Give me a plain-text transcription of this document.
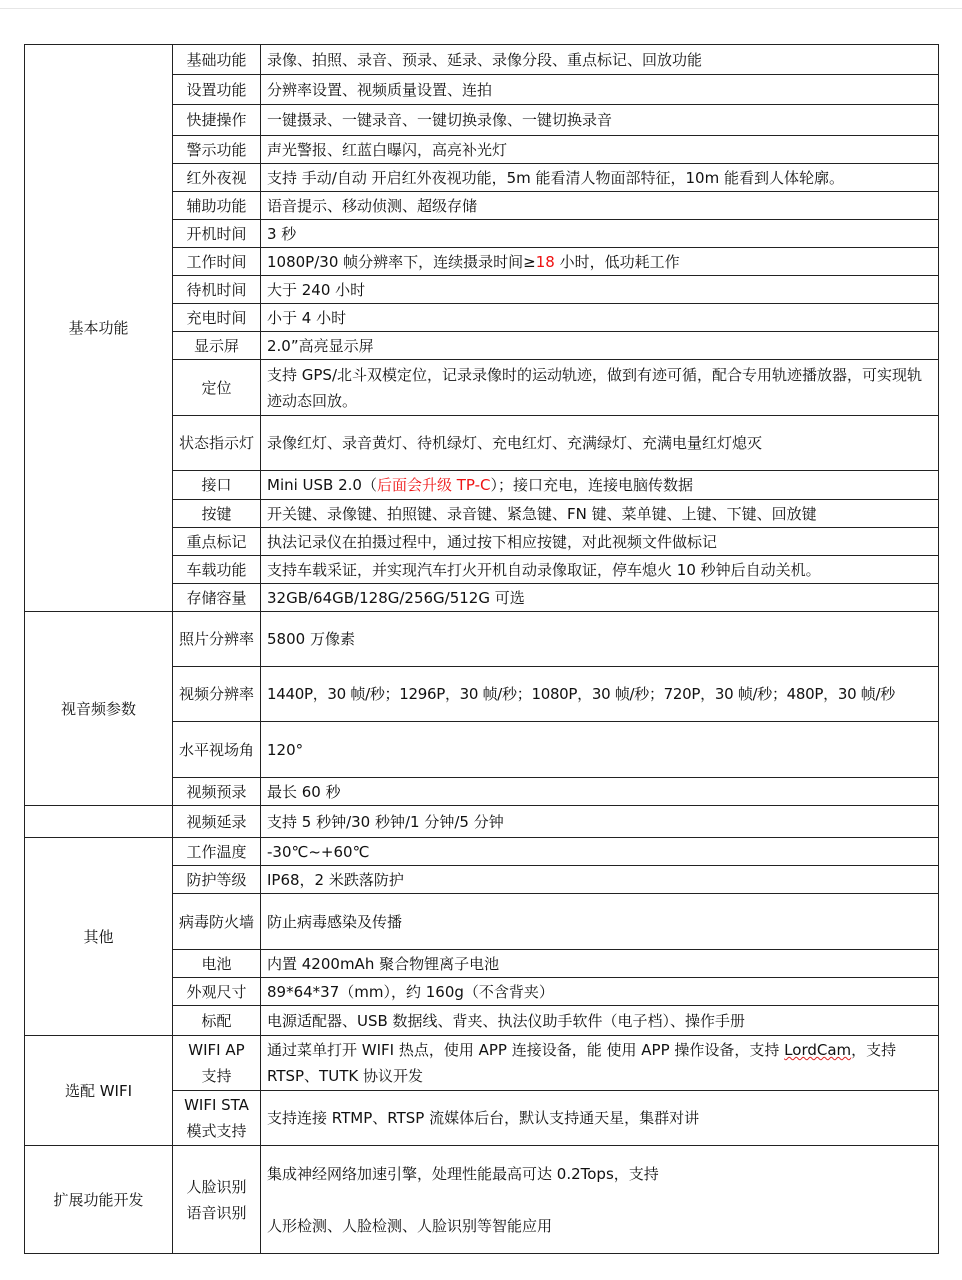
基本功能	基础功能	录像、拍照、录音、预录、延录、录像分段、重点标记、回放功能
	设置功能	分辨率设置、视频质量设置、连拍
	快捷操作	一键摄录、一键录音、一键切换录像、一键切换录音
	警示功能	声光警报、红蓝白曝闪，高亮补光灯
	红外夜视	支持 手动/自动 开启红外夜视功能，5m 能看清人物面部特征，10m 能看到人体轮廓。
	辅助功能	语音提示、移动侦测、超级存储
	开机时间	3 秒
	工作时间	1080P/30 帧分辨率下，连续摄录时间≥18 小时，低功耗工作
	待机时间	大于 240 小时
	充电时间	小于 4 小时
	显示屏	2.0”高亮显示屏
	定位	支持 GPS/北斗双模定位，记录录像时的运动轨迹，做到有迹可循，配合专用轨迹播放器，可实现轨迹动态回放。
	状态指示灯	录像红灯、录音黄灯、待机绿灯、充电红灯、充满绿灯、充满电量红灯熄灭
	接口	Mini USB 2.0（后面会升级 TP-C）；接口充电，连接电脑传数据
	按键	开关键、录像键、拍照键、录音键、紧急键、FN 键、菜单键、上键、下键、回放键
	重点标记	执法记录仪在拍摄过程中，通过按下相应按键，对此视频文件做标记
	车载功能	支持车载采证，并实现汽车打火开机自动录像取证，停车熄火 10 秒钟后自动关机。
	存储容量	32GB/64GB/128G/256G/512G 可选
视音频参数	照片分辨率	5800 万像素
	视频分辨率	1440P，30 帧/秒；1296P，30 帧/秒；1080P，30 帧/秒；720P，30 帧/秒；480P，30 帧/秒
	水平视场角	120°
	视频预录	最长 60 秒
	视频延录	支持 5 秒钟/30 秒钟/1 分钟/5 分钟
其他	工作温度	-30℃~+60℃
	防护等级	IP68，2 米跌落防护
	病毒防火墙	防止病毒感染及传播
	电池	内置 4200mAh 聚合物锂离子电池
	外观尺寸	89*64*37（mm），约 160g（不含背夹）
	标配	电源适配器、USB 数据线、背夹、执法仪助手软件（电子档）、操作手册
选配 WIFI	WIFI AP 支持	通过菜单打开 WIFI 热点，使用 APP 连接设备，能 使用 APP 操作设备，支持 LordCam，支持 RTSP、TUTK 协议开发
	WIFI STA 模式支持	支持连接 RTMP、RTSP 流媒体后台，默认支持通天星，集群对讲
扩展功能开发	人脸识别 语音识别	集成神经网络加速引擎，处理性能最高可达 0.2Tops，支持
人形检测、人脸检测、人脸识别等智能应用
